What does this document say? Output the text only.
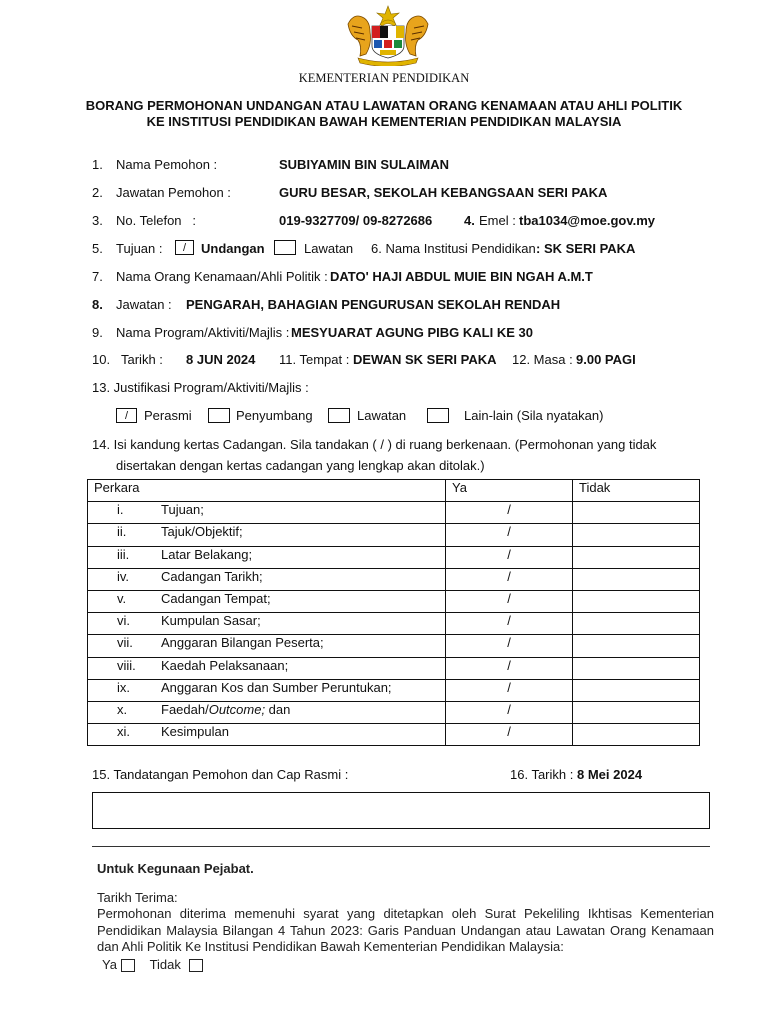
KEMENTERIAN PENDIDIKAN
BORANG PERMOHONAN UNDANGAN ATAU LAWATAN ORANG KENAMAAN ATAU AHLI POLITIK
KE INSTITUSI PENDIDIKAN BAWAH KEMENTERIAN PENDIDIKAN MALAYSIA
1. Nama Pemohon :	SUBIYAMIN BIN SULAIMAN
2. Jawatan Pemohon :	GURU BESAR, SEKOLAH KEBANGSAAN SERI PAKA
3. No. Telefon   :	019-9327709/ 09-8272686 4. Emel : tba1034@moe.gov.my
5. Tujuan :	/	Undangan	Lawatan 6. Nama Institusi Pendidikan : SK SERI PAKA
7. Nama Orang Kenamaan/Ahli Politik : DATO' HAJI ABDUL MUIE BIN NGAH A.M.T
8. Jawatan : PENGARAH, BAHAGIAN PENGURUSAN SEKOLAH RENDAH
9. Nama Program/Aktiviti/Majlis : MESYUARAT AGUNG PIBG KALI KE 30
10. Tarikh : 8 JUN 2024 11. Tempat : DEWAN SK SERI PAKA 12. Masa : 9.00 PAGI
13. Justifikasi Program/Aktiviti/Majlis :
/	Perasmi	Penyumbang	Lawatan	Lain-lain (Sila nyatakan)
14. Isi kandung kertas Cadangan. Sila tandakan ( / ) di ruang berkenaan. (Permohonan yang tidak
disertakan dengan kertas cadangan yang lengkap akan ditolak.)
Perkara		Ya	Tidak
i.	Tujuan;	/	
ii.	Tajuk/Objektif;	/	
iii.	Latar Belakang;	/	
iv.	Cadangan Tarikh;	/	
v.	Cadangan Tempat;	/	
vi.	Kumpulan Sasar;	/	
vii.	Anggaran Bilangan Peserta;	/	
viii.	Kaedah Pelaksanaan;	/	
ix.	Anggaran Kos dan Sumber Peruntukan;	/	
x.	Faedah/Outcome; dan	/	
xi.	Kesimpulan	/	
15. Tandatangan Pemohon dan Cap Rasmi :	16. Tarikh : 8 Mei 2024
Untuk Kegunaan Pejabat.
Tarikh Terima:
Permohonan diterima memenuhi syarat yang ditetapkan oleh Surat Pekeliling Ikhtisas Kementerian Pendidikan Malaysia Bilangan 4 Tahun 2023: Garis Panduan Undangan atau Lawatan Orang Kenamaan dan Ahli Politik Ke Institusi Pendidikan Bawah Kementerian Pendidikan Malaysia:
Ya	Tidak
